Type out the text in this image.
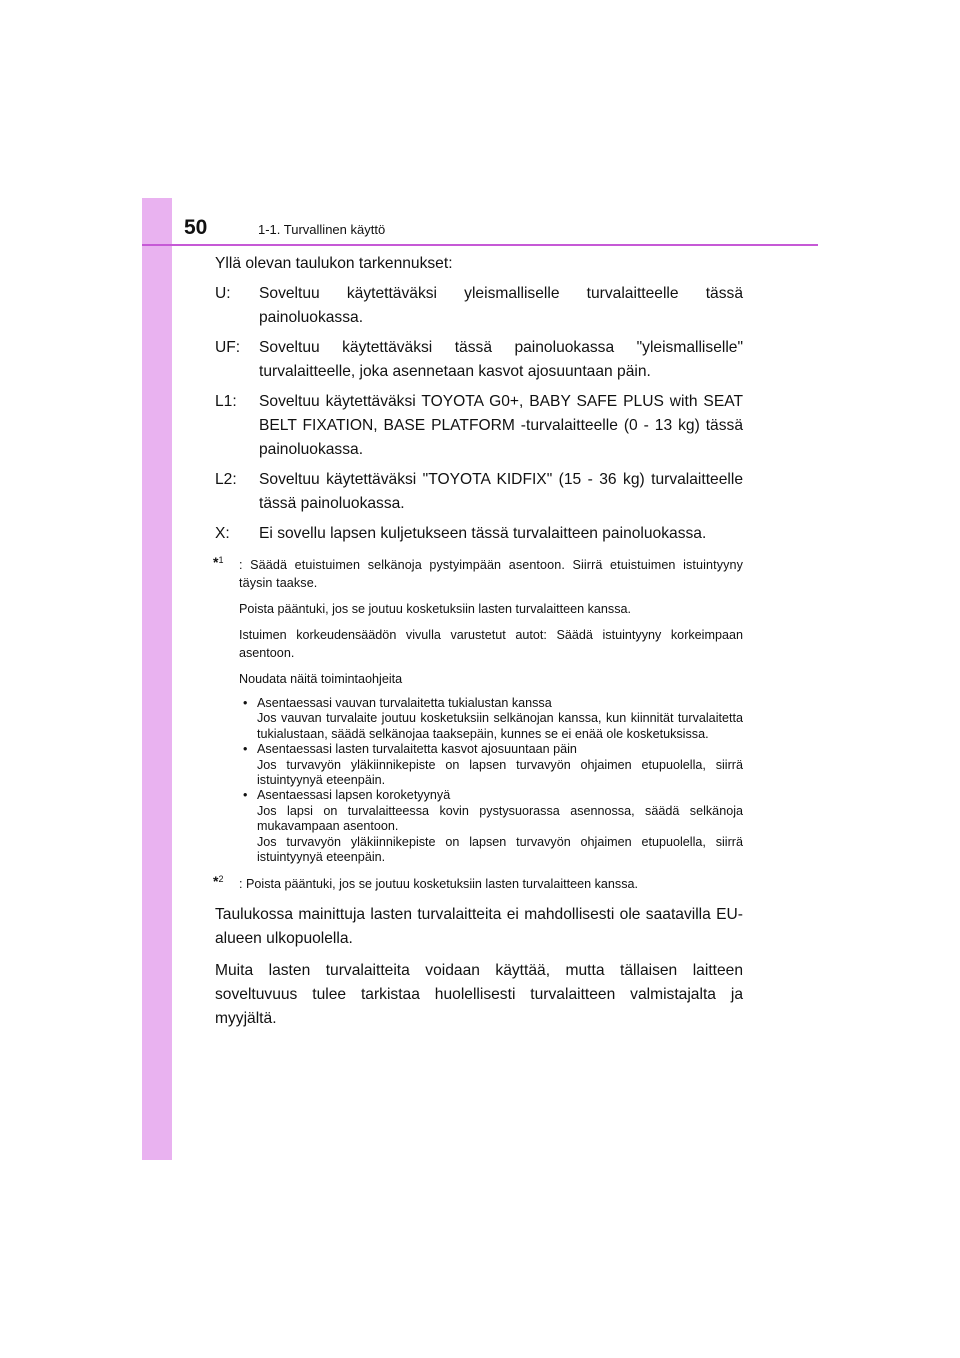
50	1-1. Turvallinen käyttö

Yllä olevan taulukon tarkennukset:

U: Soveltuu käytettäväksi yleismalliselle turvalaitteelle tässä painoluokassa.
UF: Soveltuu käytettäväksi tässä painoluokassa "yleismalliselle" turvalaitteelle, joka asennetaan kasvot ajosuuntaan päin.
L1: Soveltuu käytettäväksi TOYOTA G0+, BABY SAFE PLUS with SEAT BELT FIXATION, BASE PLATFORM -turvalaitteelle (0 - 13 kg) tässä painoluokassa.
L2: Soveltuu käytettäväksi "TOYOTA KIDFIX" (15 - 36 kg) turvalaitteelle tässä painoluokassa.
X: Ei sovellu lapsen kuljetukseen tässä turvalaitteen painoluokassa.
*$^1$ : Säädä etuistuimen selkänoja pystyimpään asentoon. Siirrä etuistuimen istuintyyny täysin taakse.

Poista pääntuki, jos se joutuu kosketuksiin lasten turvalaitteen kanssa.

Istuimen korkeudensäädön vivulla varustetut autot: Säädä istuintyyny korkeimpaan asentoon.

Noudata näitä toimintaohjeita

• Asentaessasi vauvan turvalaitetta tukialustan kanssa
Jos vauvan turvalaite joutuu kosketuksiin selkänojan kanssa, kun kiinnität turvalaitetta tukialustaan, säädä selkänojaa taaksepäin, kunnes se ei enää ole kosketuksissa.
• Asentaessasi lasten turvalaitetta kasvot ajosuuntaan päin
Jos turvavyön yläkiinnikepiste on lapsen turvavyön ohjaimen etupuolella, siirrä istuintyynyä eteenpäin.
• Asentaessasi lapsen koroketyynyä
Jos lapsi on turvalaitteessa kovin pystysuorassa asennossa, säädä selkänoja mukavampaan asentoon.
Jos turvavyön yläkiinnikepiste on lapsen turvavyön ohjaimen etupuolella, siirrä istuintyynyä eteenpäin.
*$^2$ : Poista pääntuki, jos se joutuu kosketuksiin lasten turvalaitteen kanssa.

Taulukossa mainittuja lasten turvalaitteita ei mahdollisesti ole saatavilla EU-alueen ulkopuolella.

Muita lasten turvalaitteita voidaan käyttää, mutta tällaisen laitteen soveltuvuus tulee tarkistaa huolellisesti turvalaitteen valmistajalta ja myyjältä.
